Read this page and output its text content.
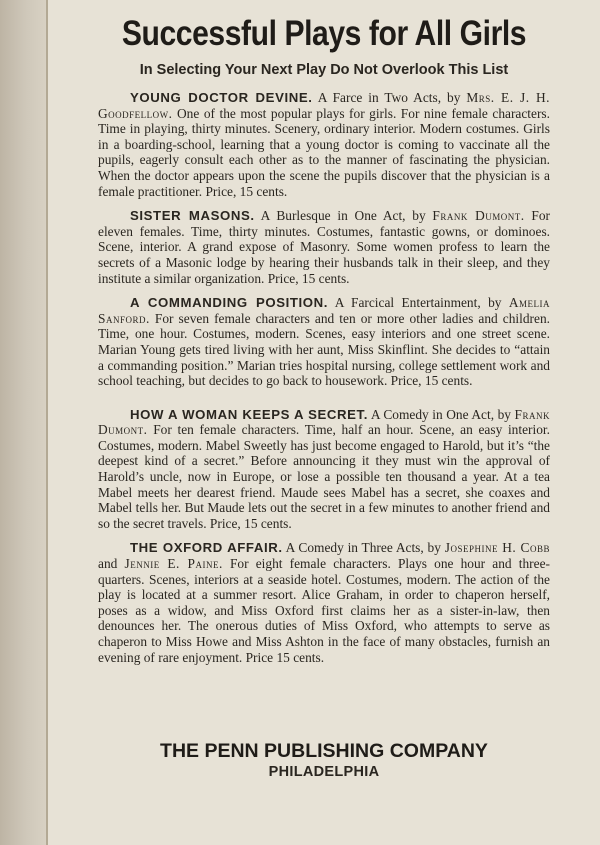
Successful Plays for All Girls
In Selecting Your Next Play Do Not Overlook This List

YOUNG DOCTOR DEVINE. A Farce in Two Acts, by Mrs. E. J. H. Goodfellow. One of the most popular plays for girls. For nine female characters. Time in playing, thirty minutes. Scenery, ordinary interior. Modern costumes. Girls in a boarding-school, learning that a young doctor is coming to vaccinate all the pupils, eagerly consult each other as to the manner of fascinating the physician. When the doctor appears upon the scene the pupils discover that the physician is a female practitioner. Price, 15 cents.

SISTER MASONS. A Burlesque in One Act, by Frank Dumont. For eleven females. Time, thirty minutes. Costumes, fantastic gowns, or dominoes. Scene, interior. A grand expose of Masonry. Some women profess to learn the secrets of a Masonic lodge by hearing their husbands talk in their sleep, and they institute a similar organization. Price, 15 cents.

A COMMANDING POSITION. A Farcical Entertainment, by Amelia Sanford. For seven female characters and ten or more other ladies and children. Time, one hour. Costumes, modern. Scenes, easy interiors and one street scene. Marian Young gets tired living with her aunt, Miss Skinflint. She decides to “attain a commanding position.” Marian tries hospital nursing, college settlement work and school teaching, but decides to go back to housework. Price, 15 cents.

HOW A WOMAN KEEPS A SECRET. A Comedy in One Act, by Frank Dumont. For ten female characters. Time, half an hour. Scene, an easy interior. Costumes, modern. Mabel Sweetly has just become engaged to Harold, but it’s “the deepest kind of a secret.” Before announcing it they must win the approval of Harold’s uncle, now in Europe, or lose a possible ten thousand a year. At a tea Mabel meets her dearest friend. Maude sees Mabel has a secret, she coaxes and Mabel tells her. But Maude lets out the secret in a few minutes to another friend and so the secret travels. Price, 15 cents.

THE OXFORD AFFAIR. A Comedy in Three Acts, by Josephine H. Cobb and Jennie E. Paine. For eight female characters. Plays one hour and three-quarters. Scenes, interiors at a seaside hotel. Costumes, modern. The action of the play is located at a summer resort. Alice Graham, in order to chaperon herself, poses as a widow, and Miss Oxford first claims her as a sister-in-law, then denounces her. The onerous duties of Miss Oxford, who attempts to serve as chaperon to Miss Howe and Miss Ashton in the face of many obstacles, furnish an evening of rare enjoyment. Price 15 cents.

THE PENN PUBLISHING COMPANY
PHILADELPHIA
